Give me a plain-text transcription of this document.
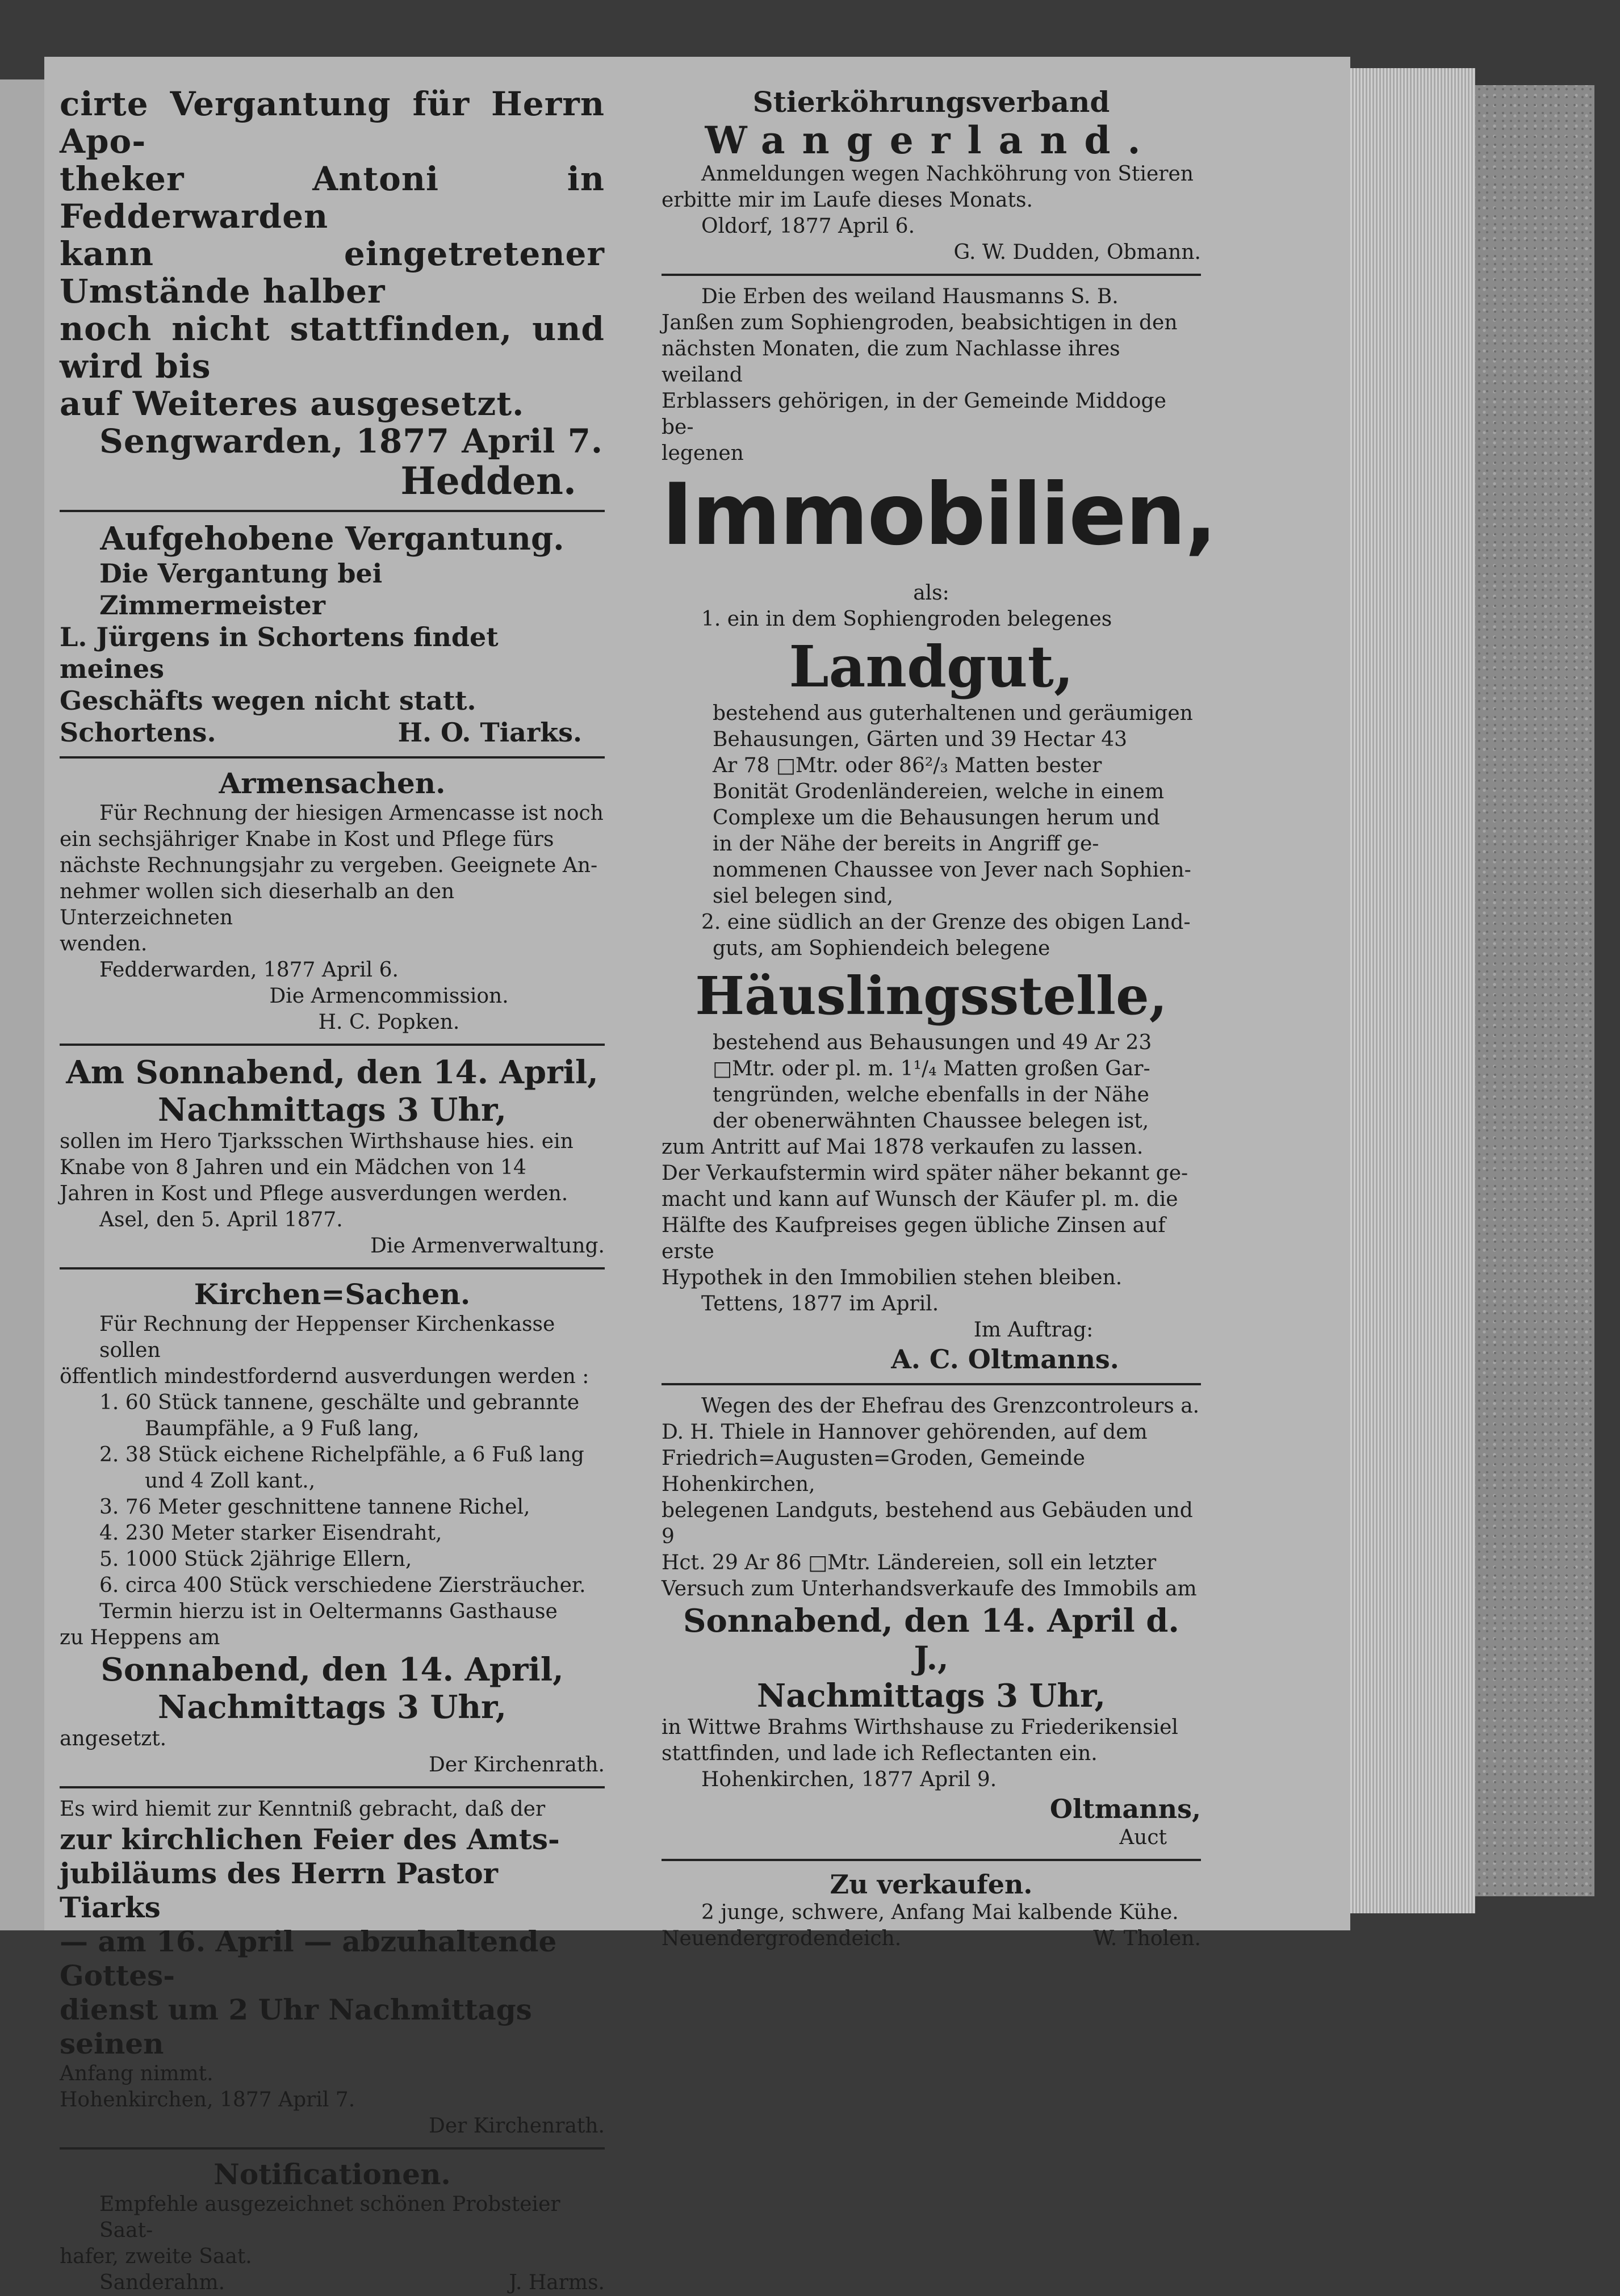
cirte Vergantung für Herrn Apo-

theker Antoni in Fedderwarden

kann eingetretener Umstände halber

noch nicht stattfinden, und wird bis

auf Weiteres ausgesetzt.

Sengwarden, 1877 April 7.

Hedden.

Aufgehobene Vergantung.

Die Vergantung bei Zimmermeister

L. Jürgens in Schortens findet meines

Geschäfts wegen nicht statt.

Schortens.	H. O. Tiarks.

Armensachen.

Für Rechnung der hiesigen Armencasse ist noch

ein sechsjähriger Knabe in Kost und Pflege fürs

nächste Rechnungsjahr zu vergeben. Geeignete An-

nehmer wollen sich dieserhalb an den Unterzeichneten

wenden.

Fedderwarden, 1877 April 6.

Die Armencommission.

H. C. Popken.

Am Sonnabend, den 14. April,

Nachmittags 3 Uhr,

sollen im Hero Tjarksschen Wirthshause hies. ein

Knabe von 8 Jahren und ein Mädchen von 14

Jahren in Kost und Pflege ausverdungen werden.

Asel, den 5. April 1877.

Die Armenverwaltung.

Kirchen=Sachen.

Für Rechnung der Heppenser Kirchenkasse sollen

öffentlich mindestfordernd ausverdungen werden :

1. 60 Stück tannene, geschälte und gebrannte

Baumpfähle, a 9 Fuß lang,

2. 38 Stück eichene Richelpfähle, a 6 Fuß lang

und 4 Zoll kant.,

3. 76 Meter geschnittene tannene Richel,

4. 230 Meter starker Eisendraht,

5. 1000 Stück 2jährige Ellern,

6. circa 400 Stück verschiedene Ziersträucher.

Termin hierzu ist in Oeltermanns Gasthause

zu Heppens am

Sonnabend, den 14. April,

Nachmittags 3 Uhr,

angesetzt.

Der Kirchenrath.

Es wird hiemit zur Kenntniß gebracht, daß der

zur kirchlichen Feier des Amts-

jubiläums des Herrn Pastor Tiarks

— am 16. April — abzuhaltende Gottes-

dienst um 2 Uhr Nachmittags seinen

Anfang nimmt.

Hohenkirchen, 1877 April 7.

Der Kirchenrath.

Notificationen.

Empfehle ausgezeichnet schönen Probsteier Saat-

hafer, zweite Saat.

Sanderahm.	J. Harms.

Stierköhrungsverband

Wangerland.

Anmeldungen wegen Nachköhrung von Stieren

erbitte mir im Laufe dieses Monats.

Oldorf, 1877 April 6.

G. W. Dudden, Obmann.

Die Erben des weiland Hausmanns S. B.

Janßen zum Sophiengroden, beabsichtigen in den

nächsten Monaten, die zum Nachlasse ihres weiland

Erblassers gehörigen, in der Gemeinde Middoge be-

legenen

Immobilien,

als:

1. ein in dem Sophiengroden belegenes

Landgut,

bestehend aus guterhaltenen und geräumigen

Behausungen, Gärten und 39 Hectar 43

Ar 78 □Mtr. oder 86²/₃ Matten bester

Bonität Grodenländereien, welche in einem

Complexe um die Behausungen herum und

in der Nähe der bereits in Angriff ge-

nommenen Chaussee von Jever nach Sophien-

siel belegen sind,

2. eine südlich an der Grenze des obigen Land-

guts, am Sophiendeich belegene

Häuslingsstelle,

bestehend aus Behausungen und 49 Ar 23

□Mtr. oder pl. m. 1¹/₄ Matten großen Gar-

tengründen, welche ebenfalls in der Nähe

der obenerwähnten Chaussee belegen ist,

zum Antritt auf Mai 1878 verkaufen zu lassen.

Der Verkaufstermin wird später näher bekannt ge-

macht und kann auf Wunsch der Käufer pl. m. die

Hälfte des Kaufpreises gegen übliche Zinsen auf erste

Hypothek in den Immobilien stehen bleiben.

Tettens, 1877 im April.

Im Auftrag:

A. C. Oltmanns.

Wegen des der Ehefrau des Grenzcontroleurs a.

D. H. Thiele in Hannover gehörenden, auf dem

Friedrich=Augusten=Groden, Gemeinde Hohenkirchen,

belegenen Landguts, bestehend aus Gebäuden und 9

Hct. 29 Ar 86 □Mtr. Ländereien, soll ein letzter

Versuch zum Unterhandsverkaufe des Immobils am

Sonnabend, den 14. April d. J.,

Nachmittags 3 Uhr,

in Wittwe Brahms Wirthshause zu Friederikensiel

stattfinden, und lade ich Reflectanten ein.

Hohenkirchen, 1877 April 9.

Oltmanns,

Auct

Zu verkaufen.

2 junge, schwere, Anfang Mai kalbende Kühe.

Neuendergrodendeich.	W. Tholen.
